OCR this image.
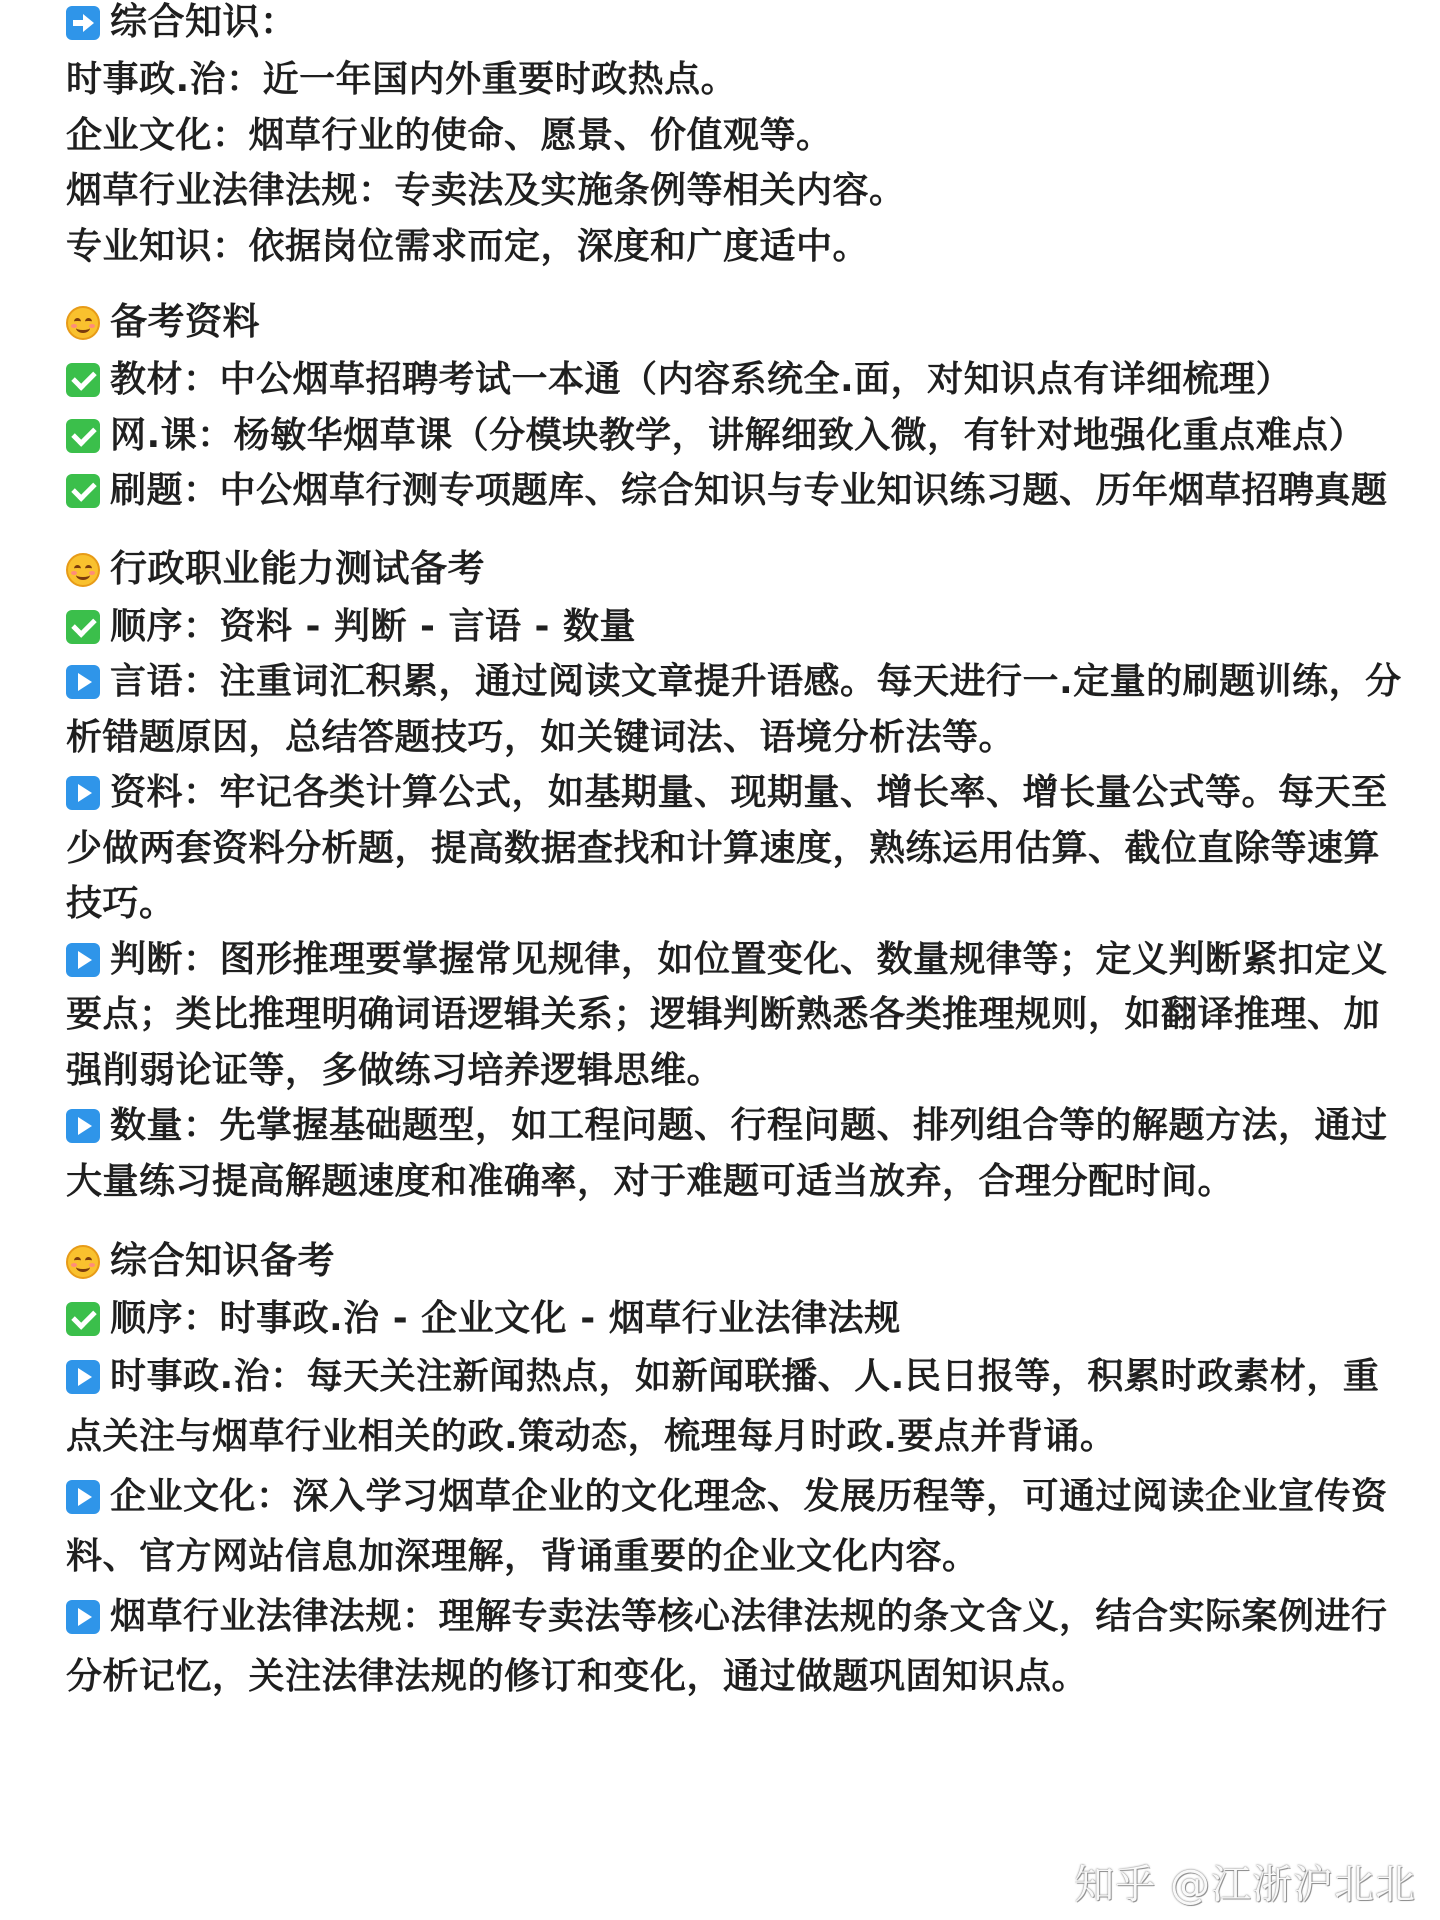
综合知识：

时事政.治：近一年国内外重要时政热点。

企业文化：烟草行业的使命、愿景、价值观等。

烟草行业法律法规：专卖法及实施条例等相关内容。

专业知识：依据岗位需求而定，深度和广度适中。

备考资料

教材：中公烟草招聘考试一本通（内容系统全.面，对知识点有详细梳理）

网.课：杨敏华烟草课（分模块教学，讲解细致入微，有针对地强化重点难点）

刷题：中公烟草行测专项题库、综合知识与专业知识练习题、历年烟草招聘真题

行政职业能力测试备考

顺序：资料 - 判断 - 言语 - 数量

言语：注重词汇积累，通过阅读文章提升语感。每天进行一.定量的刷题训练，分析错题原因，总结答题技巧，如关键词法、语境分析法等。

资料：牢记各类计算公式，如基期量、现期量、增长率、增长量公式等。每天至少做两套资料分析题，提高数据查找和计算速度，熟练运用估算、截位直除等速算技巧。

判断：图形推理要掌握常见规律，如位置变化、数量规律等；定义判断紧扣定义要点；类比推理明确词语逻辑关系；逻辑判断熟悉各类推理规则，如翻译推理、加强削弱论证等，多做练习培养逻辑思维。

数量：先掌握基础题型，如工程问题、行程问题、排列组合等的解题方法，通过大量练习提高解题速度和准确率，对于难题可适当放弃，合理分配时间。

综合知识备考

顺序：时事政.治 - 企业文化 - 烟草行业法律法规

时事政.治：每天关注新闻热点，如新闻联播、人.民日报等，积累时政素材，重点关注与烟草行业相关的政.策动态，梳理每月时政.要点并背诵。

企业文化：深入学习烟草企业的文化理念、发展历程等，可通过阅读企业宣传资料、官方网站信息加深理解，背诵重要的企业文化内容。

烟草行业法律法规：理解专卖法等核心法律法规的条文含义，结合实际案例进行分析记忆，关注法律法规的修订和变化，通过做题巩固知识点。

知乎 @江浙沪北北
